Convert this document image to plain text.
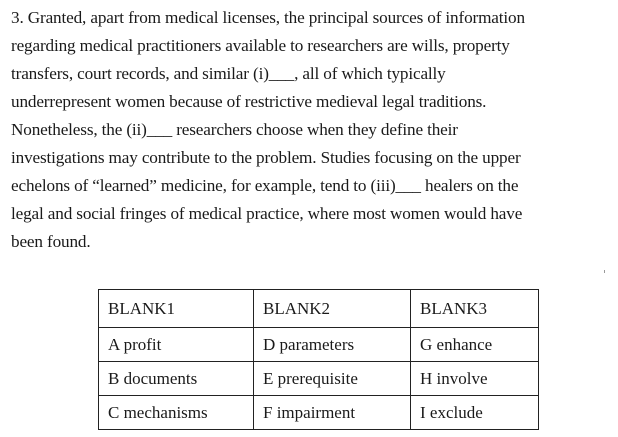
3. Granted, apart from medical licenses, the principal sources of information
regarding medical practitioners available to researchers are wills, property
transfers, court records, and similar (i)___, all of which typically
underrepresent women because of restrictive medieval legal traditions.
Nonetheless, the (ii)___ researchers choose when they define their
investigations may contribute to the problem. Studies focusing on the upper
echelons of “learned” medicine, for example, tend to (iii)___ healers on the
legal and social fringes of medical practice, where most women would have
been found.
BLANK1	BLANK2	BLANK3
A profit	D parameters	G enhance
B documents	E prerequisite	H involve
C mechanisms	F impairment	I exclude
